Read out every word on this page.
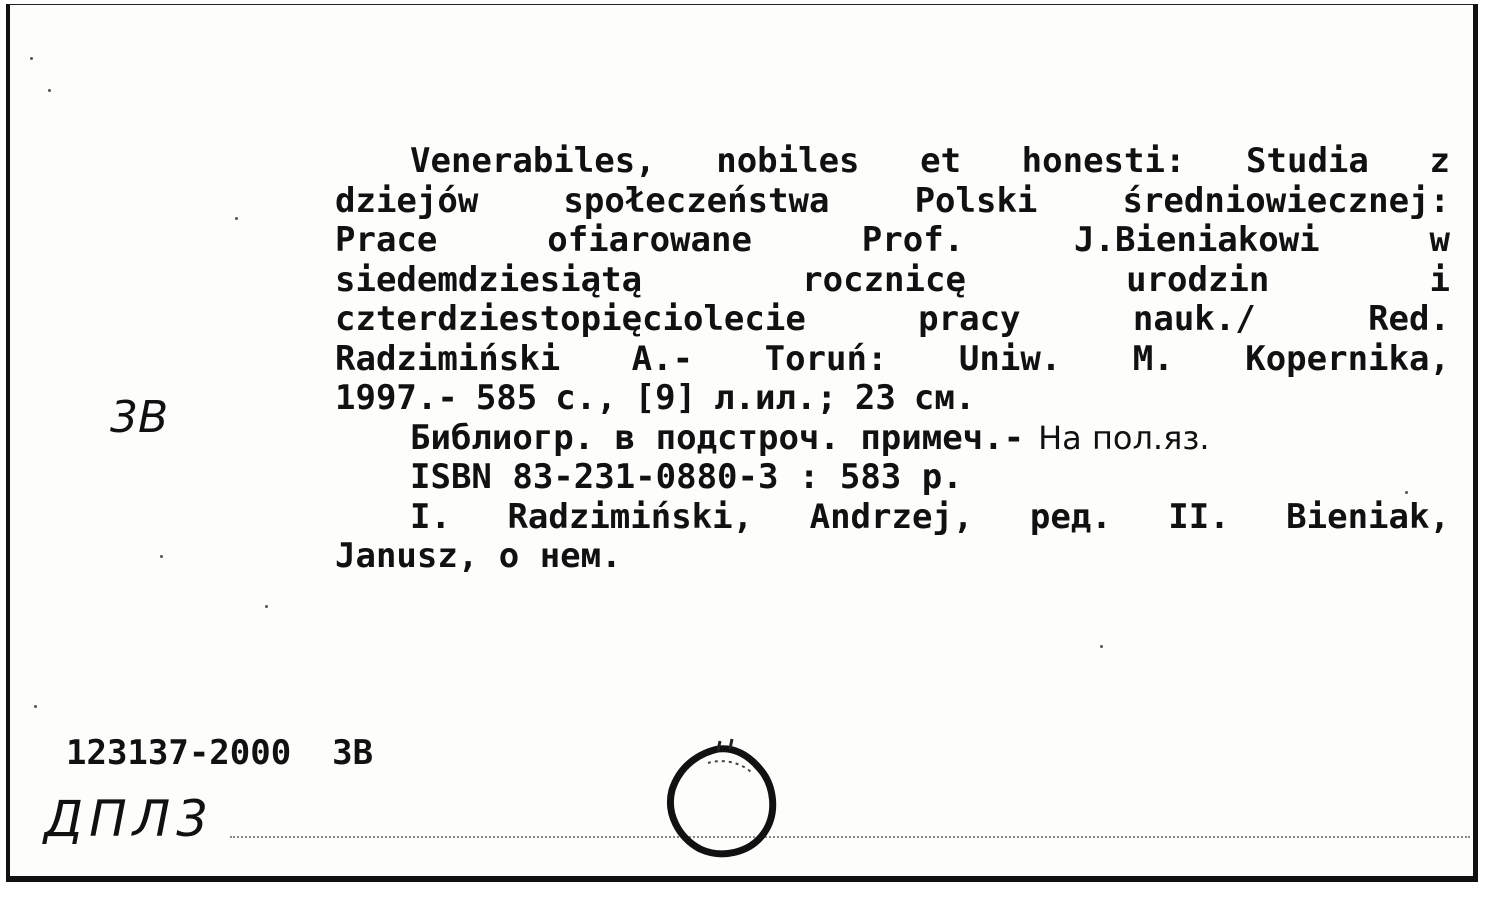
Venerabiles, nobiles et honesti: Studia z
dziejów	społeczeństwa	Polski	średniowiecznej:
Prace	ofiarowane	Prof.	J.Bieniakowi	w
siedemdziesiątą	rocznicę	urodzin	i
czterdziestopięciolecie	pracy	nauk./	Red.
Radzimiński A.- Toruń: Uniw. M. Kopernika,
1997.- 585 c., [9] л.ил.; 23 см.
Библиогр. в подстроч. примеч.- На пол.яз.
ISBN 83-231-0880-3 : 583 р.
I. Radzimiński, Andrzej, ред. II. Bieniak,
Janusz, о нем.
3В
123137-2000  3В
ДПЛ3
